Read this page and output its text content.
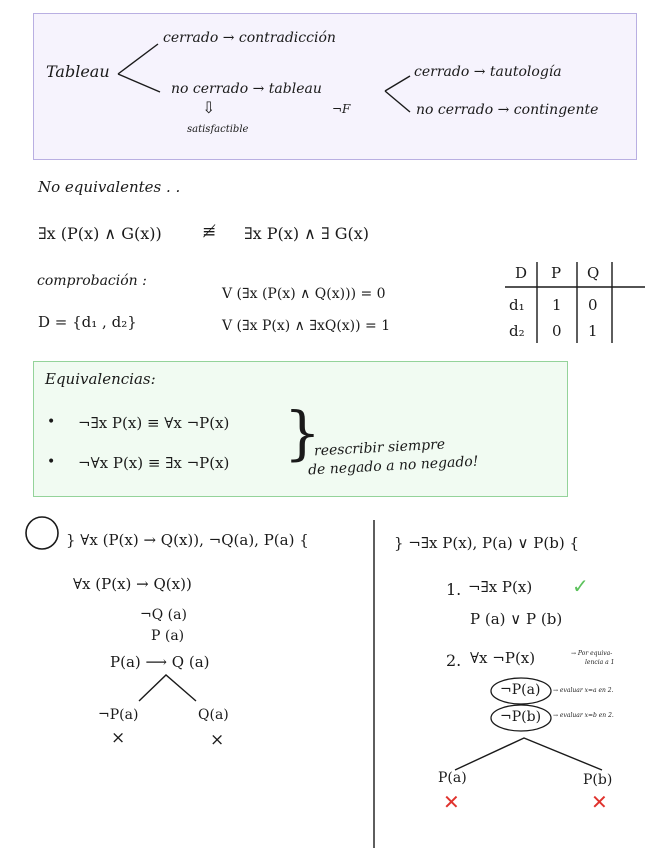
Tableau
cerrado → contradicción
no cerrado → tableau
¬F
⇩
satisfactible
cerrado → tautología
no cerrado → contingente
No equivalentes . .
∃x (P(x) ∧ G(x)) ≢ ∃x P(x) ∧ ∃ G(x)
comprobación :
D = {d₁ , d₂}
V (∃x (P(x) ∧ Q(x))) = 0
V (∃x P(x) ∧ ∃xQ(x)) = 1
D P Q
d₁ 1 0
d₂ 0 1
Equivalencias:
• ¬∃x P(x) ≡ ∀x ¬P(x)
• ¬∀x P(x) ≡ ∃x ¬P(x) }
reescribir siempre
de negado a no negado!
} ∀x (P(x) → Q(x)), ¬Q(a), P(a) {
∀x (P(x) → Q(x))
¬Q (a)
P (a)
P(a) ⟶ Q (a)
¬P(a)	Q(a)
×	×
} ¬∃x P(x), P(a) ∨ P(b) {
1. ¬∃x P(x) ✓
P (a) ∨ P (b)
2. ∀x ¬P(x)	→ Por equiva-
lencia a 1
¬P(a) → evaluar x=a en 2.
¬P(b) → evaluar x=b en 2.
P(a)	P(b)
✕	✕
